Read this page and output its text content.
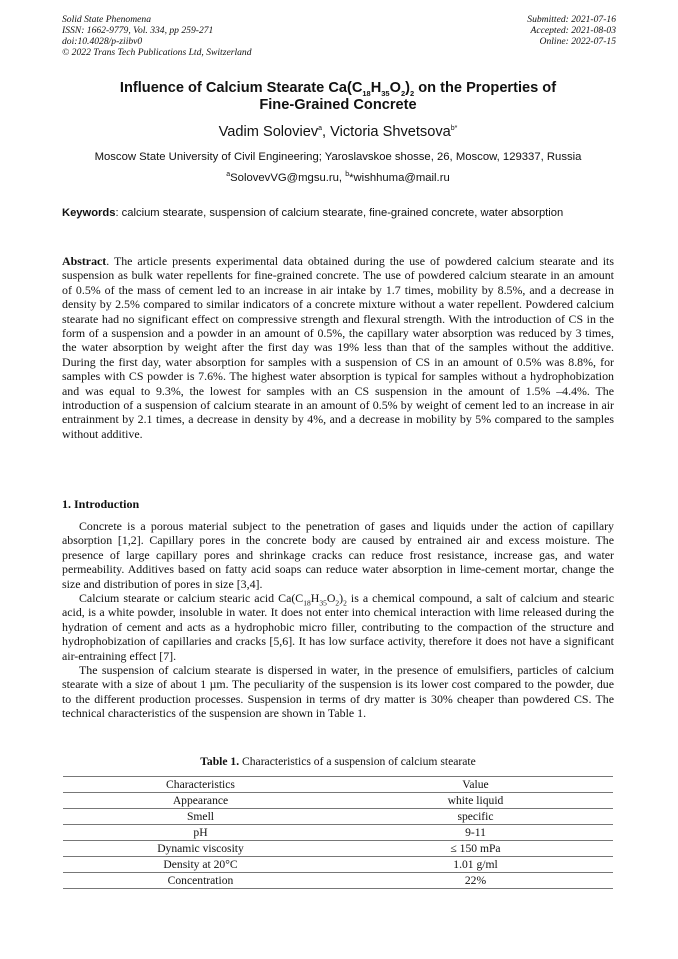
Solid State Phenomena
ISSN: 1662-9779, Vol. 334, pp 259-271
doi:10.4028/p-ziibv0
© 2022 Trans Tech Publications Ltd, Switzerland
Submitted: 2021-07-16
Accepted: 2021-08-03
Online: 2022-07-15
Influence of Calcium Stearate $Ca(C_{18}H_{35}O_2)_2$ on the Properties of
Fine-Grained Concrete
Vadim Soloviev$^a$, Victoria Shvetsova$^{b*}$
Moscow State University of Civil Engineering; Yaroslavskoe shosse, 26, Moscow, 129337, Russia
$^a$SolovevVG@mgsu.ru, $^b$*wishhuma@mail.ru
Keywords: calcium stearate, suspension of calcium stearate, fine-grained concrete, water absorption
Abstract. The article presents experimental data obtained during the use of powdered calcium stearate and its suspension as bulk water repellents for fine-grained concrete. The use of powdered calcium stearate in an amount of 0.5% of the mass of cement led to an increase in air intake by 1.7 times, mobility by 8.5%, and a decrease in density by 2.5% compared to similar indicators of a concrete mixture without a water repellent. Powdered calcium stearate had no significant effect on compressive strength and flexural strength. With the introduction of CS in the form of a suspension and a powder in an amount of 0.5%, the capillary water absorption was reduced by 3 times, the water absorption by weight after the first day was 19% less than that of the samples without the additive. During the first day, water absorption for samples with a suspension of CS in an amount of 0.5% was 8.8%, for samples with CS powder is 7.6%. The highest water absorption is typical for samples without a hydrophobization and was equal to 9.3%, the lowest for samples with an CS suspension in the amount of 1.5% –4.4%. The introduction of a suspension of calcium stearate in an amount of 0.5% by weight of cement led to an increase in air entrainment by 2.1 times, a decrease in density by 4%, and a decrease in mobility by 5% compared to the samples without additive.
1. Introduction

Concrete is a porous material subject to the penetration of gases and liquids under the action of capillary absorption [1,2]. Capillary pores in the concrete body are caused by entrained air and excess moisture. The presence of large capillary pores and shrinkage cracks can reduce frost resistance, increase gas, and water permeability. Additives based on fatty acid soaps can reduce water absorption in lime-cement mortar, change the size and distribution of pores in size [3,4].

Calcium stearate or calcium stearic acid $Ca(C_{18}H_{35}O_2)_2$ is a chemical compound, a salt of calcium and stearic acid, is a white powder, insoluble in water. It does not enter into chemical interaction with lime released during the hydration of cement and acts as a hydrophobic micro filler, contributing to the compaction of the structure and hydrophobization of capillaries and cracks [5,6]. It has low surface activity, therefore it does not have a significant air-entraining effect [7].

The suspension of calcium stearate is dispersed in water, in the presence of emulsifiers, particles of calcium stearate with a size of about 1 µm. The peculiarity of the suspension is its lower cost compared to the powder, due to the different production processes. Suspension in terms of dry matter is 30% cheaper than powdered CS. The technical characteristics of the suspension are shown in Table 1.

Table 1. Characteristics of a suspension of calcium stearate
Characteristics	Value
Appearance	white liquid
Smell	specific
pH	9-11
Dynamic viscosity	≤ 150 mPa
Density at 20°C	1.01 g/ml
Concentration	22%
